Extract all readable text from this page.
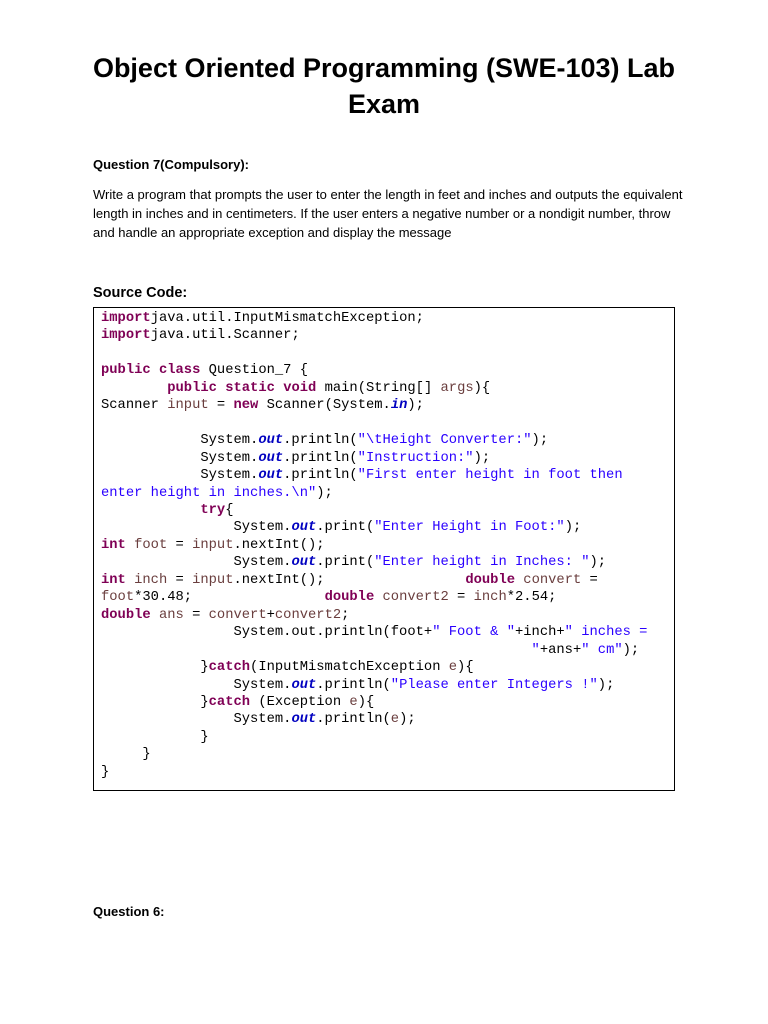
Object Oriented Programming (SWE-103) Lab Exam
Question 7(Compulsory):
Write a program that prompts the user to enter the length in feet and inches and outputs the equivalent length in inches and in centimeters. If the user enters a negative number or a nondigit number, throw and handle an appropriate exception and display the message
Source Code:
importjava.util.InputMismatchException;
importjava.util.Scanner;

public class Question_7 {
public static void main(String[] args){
Scanner input = new Scanner(System.in);

System.out.println("\tHeight Converter:");
System.out.println("Instruction:");
System.out.println("First enter height in foot then
enter height in inches.\n");
try{
System.out.print("Enter Height in Foot:");
int foot = input.nextInt();
System.out.print("Enter height in Inches: ");
int inch = input.nextInt();                 double convert =
foot*30.48;                double convert2 = inch*2.54;
double ans = convert+convert2;
System.out.println(foot+" Foot & "+inch+" inches =
"+ans+" cm");
}catch(InputMismatchException e){
System.out.println("Please enter Integers !");
}catch (Exception e){
System.out.println(e);
}
}
}
Question 6:
